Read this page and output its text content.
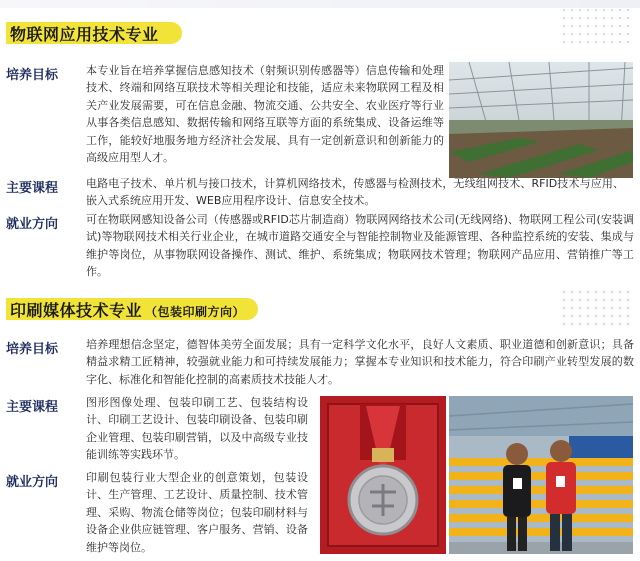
物联网应用技术专业
培养目标	本专业旨在培养掌握信息感知技术（射频识别传感器等）信息传输和处理技术、终端和网络互联技术等相关理论和技能，适应未来物联网工程及相关产业发展需要，可在信息金融、物流交通、公共安全、农业医疗等行业从事各类信息感知、数据传输和网络互联等方面的系统集成、设备运维等工作，能较好地服务地方经济社会发展、具有一定创新意识和创新能力的高级应用型人才。
主要课程	电路电子技术、单片机与接口技术，计算机网络技术，传感器与检测技术，无线组网技术、RFID技术与应用、嵌入式系统应用开发、WEB应用程序设计、信息安全技术。
就业方向	可在物联网感知设备公司（传感器或RFID芯片制造商）物联网网络技术公司(无线网络)、物联网工程公司(安装调试)等物联网技术相关行业企业，在城市道路交通安全与智能控制物业及能源管理、各种监控系统的安装、集成与维护等岗位，从事物联网设备操作、测试、维护、系统集成；物联网技术管理；物联网产品应用、营销推广等工作。
印刷媒体技术专业 （包装印刷方向）
培养目标	培养理想信念坚定，德智体美劳全面发展；具有一定科学文化水平，良好人文素质、职业道德和创新意识；具备精益求精工匠精神，较强就业能力和可持续发展能力；掌握本专业知识和技术能力，符合印刷产业转型发展的数字化、标准化和智能化控制的高素质技术技能人才。
主要课程	图形图像处理、包装印刷工艺、包装结构设计、印刷工艺设计、包装印刷设备、包装印刷企业管理、包装印刷营销，以及中高级专业技能训练等实践环节。
就业方向	印刷包装行业大型企业的创意策划，包装设计、生产管理、工艺设计、质量控制、技术管理、采购、物流仓储等岗位；包装印刷材料与设备企业供应链管理、客户服务、营销、设备维护等岗位。
